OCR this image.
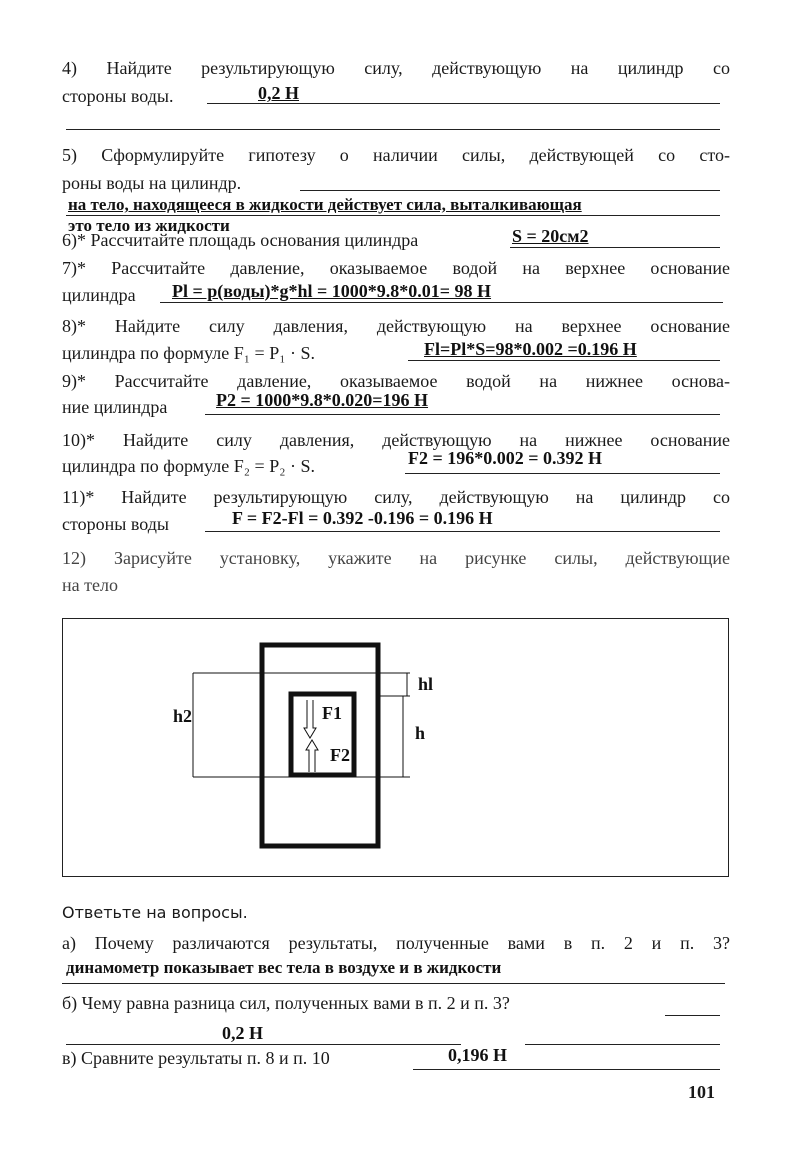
4) Найдите результирующую силу, действующую на цилиндр со
стороны воды.	0,2 Н
5) Сформулируйте гипотезу о наличии силы, действующей со сто-
роны воды на цилиндр.
на тело, находящееся в жидкости действует сила, выталкивающая
это тело из жидкости
6)* Рассчитайте площадь основания цилиндра	S = 20см2
7)* Рассчитайте давление, оказываемое водой на верхнее основание
цилиндра	Pl = p(воды)*g*hl = 1000*9.8*0.01= 98 Н
8)* Найдите силу давления, действующую на верхнее основание
цилиндра по формуле F₁ = P₁ · S.	Fl=Pl*S=98*0.002 =0.196 Н
9)* Рассчитайте давление, оказываемое водой на нижнее основа-
ние цилиндра	P2 = 1000*9.8*0.020=196 Н
10)* Найдите силу давления, действующую на нижнее основание
цилиндра по формуле F₂ = P₂ · S.	F2 = 196*0.002 = 0.392 Н
11)* Найдите результирующую силу, действующую на цилиндр со
стороны воды	F = F2-Fl = 0.392 -0.196 = 0.196 Н
12) Зарисуйте установку, укажите на рисунке силы, действующие
на тело
hl
h2
h
F1
F2
Ответьте на вопросы.
а) Почему различаются результаты, полученные вами в п. 2 и п. 3?
динамометр показывает вес тела в воздухе и в жидкости
б) Чему равна разница сил, полученных вами в п. 2 и п. 3?
0,2 Н
в) Сравните результаты п. 8 и п. 10	0,196 Н
101
